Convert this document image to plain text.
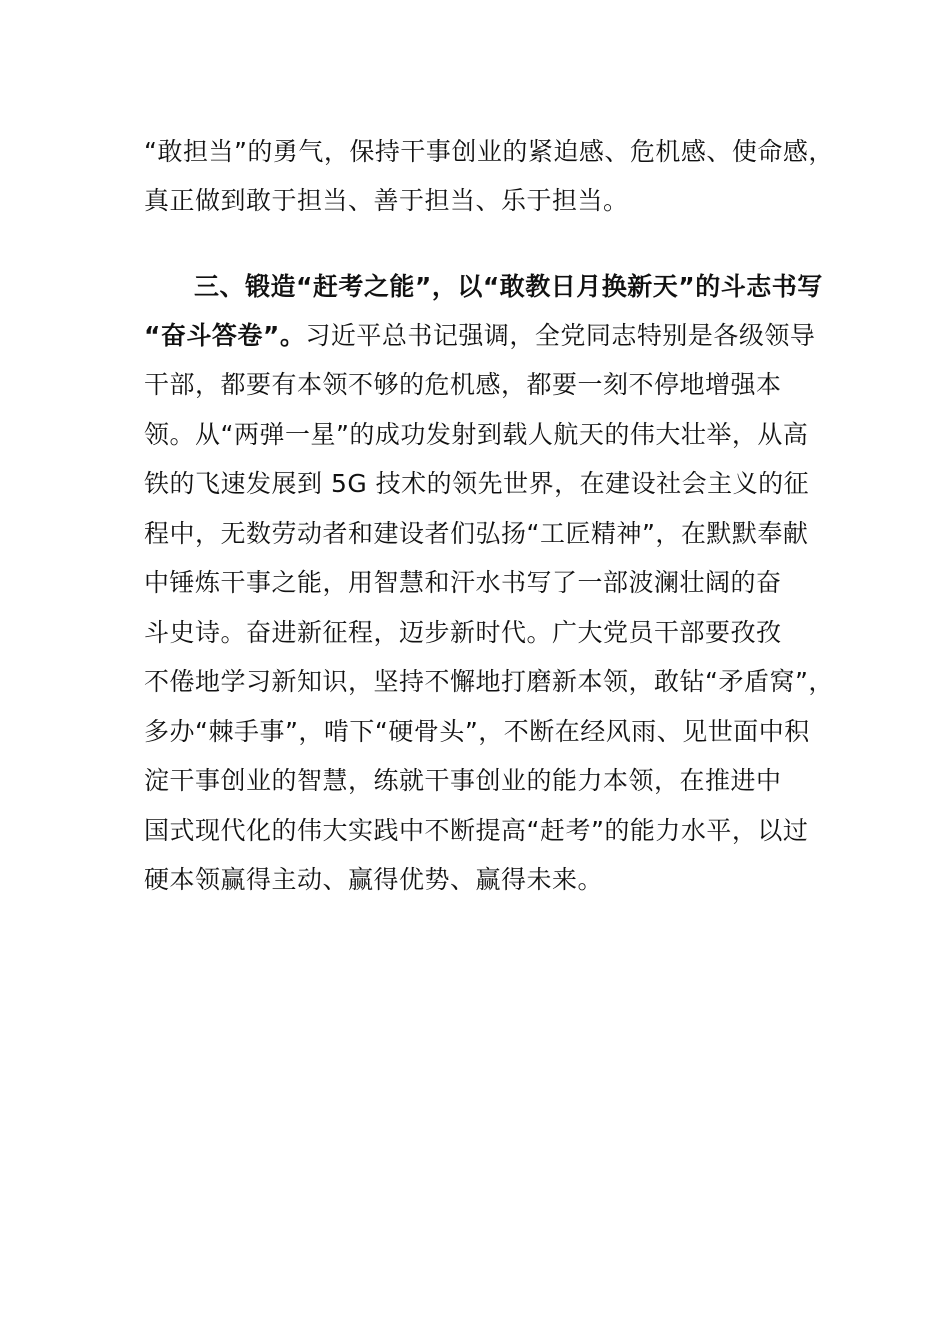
“敢担当”的勇气，保持干事创业的紧迫感、危机感、使命感，
真正做到敢于担当、善于担当、乐于担当。
三、锻造“赶考之能”，以“敢教日月换新天”的斗志书写
“奋斗答卷”。习近平总书记强调，全党同志特别是各级领导
干部，都要有本领不够的危机感，都要一刻不停地增强本
领。从“两弹一星”的成功发射到载人航天的伟大壮举，从高
铁的飞速发展到 5G 技术的领先世界，在建设社会主义的征
程中，无数劳动者和建设者们弘扬“工匠精神”，在默默奉献
中锤炼干事之能，用智慧和汗水书写了一部波澜壮阔的奋
斗史诗。奋进新征程，迈步新时代。广大党员干部要孜孜
不倦地学习新知识，坚持不懈地打磨新本领，敢钻“矛盾窝”，
多办“棘手事”，啃下“硬骨头”，不断在经风雨、见世面中积
淀干事创业的智慧，练就干事创业的能力本领，在推进中
国式现代化的伟大实践中不断提高“赶考”的能力水平，以过
硬本领赢得主动、赢得优势、赢得未来。
